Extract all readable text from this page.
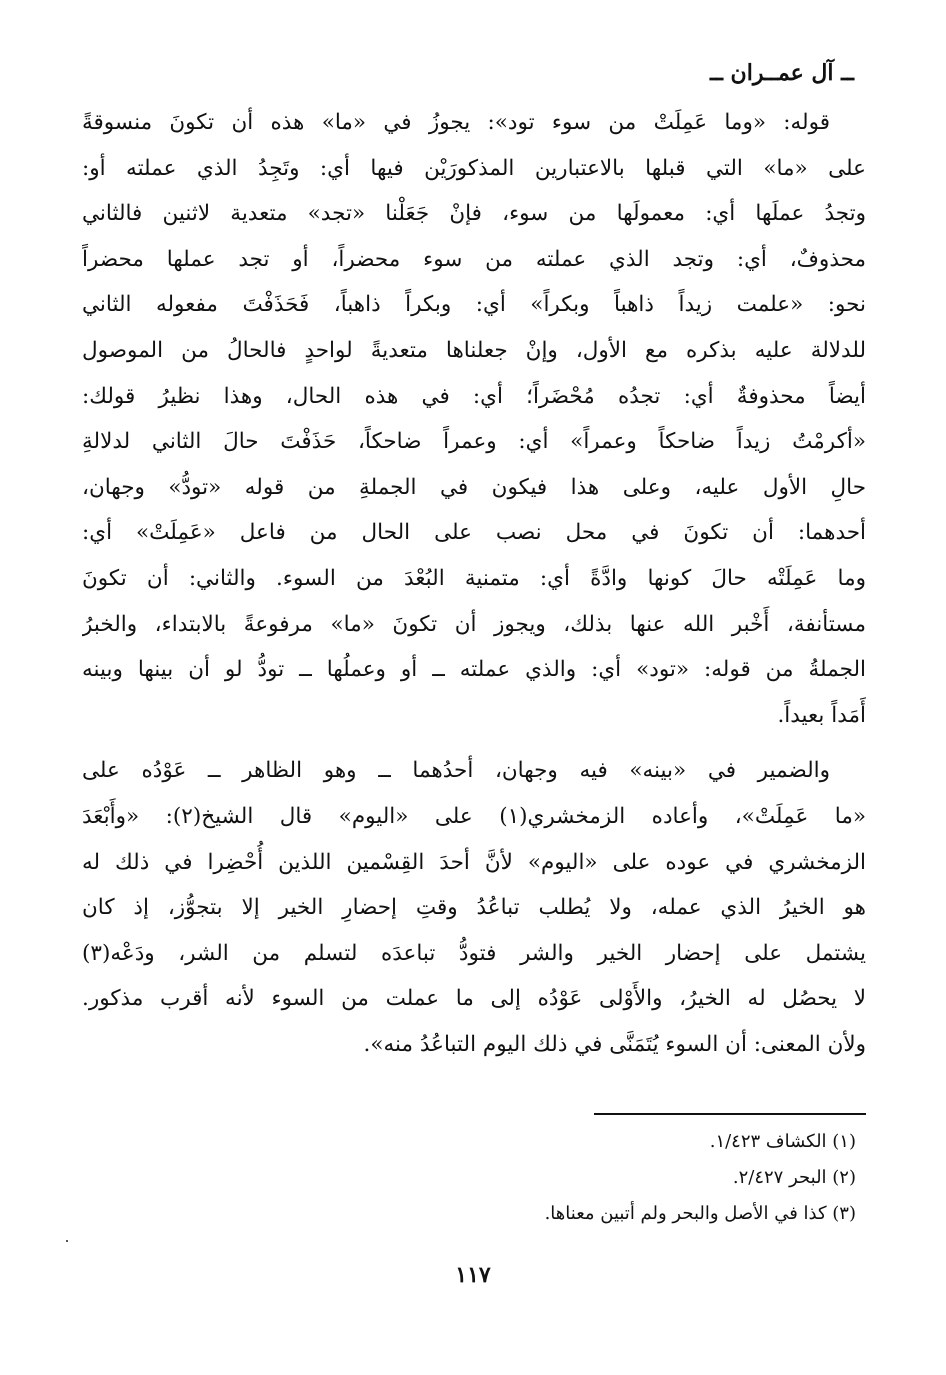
ــ آل عمــران ــ

قوله: «وما عَمِلَتْ من سوء تود»: يجوزُ في «ما» هذه أن تكونَ منسوقةً
على «ما» التي قبلها بالاعتبارين المذكورَيْن فيها أي: وتَجِدُ الذي عملته أو:
وتجدُ عملَها أي: معمولَها من سوء، فإنْ جَعَلْنا «تجد» متعدية لاثنين فالثاني
محذوفٌ، أي: وتجد الذي عملته من سوء محضراً، أو تجد عملها محضراً
نحو: «علمت زيداً ذاهباً وبكراً» أي: وبكراً ذاهباً، فَحَذَفْتَ مفعوله الثاني
للدلالة عليه بذكره مع الأول، وإنْ جعلناها متعديةً لواحدٍ فالحالُ من الموصول
أيضاً محذوفةٌ أي: تجدُه مُحْضَراً؛ أي: في هذه الحال، وهذا نظيرُ قولك:
«أكرمْتُ زيداً ضاحكاً وعمراً» أي: وعمراً ضاحكاً، حَذَفْتَ حالَ الثاني لدلالةِ
حالِ الأول عليه، وعلى هذا فيكون في الجملةِ من قوله «تودُّ» وجهان،
أحدهما: أن تكونَ في محل نصب على الحال من فاعل «عَمِلَتْ» أي:
وما عَمِلَتْه حالَ كونها وادَّةً أي: متمنية البُعْدَ من السوء. والثاني: أن تكونَ
مستأنفة، أَخْبر الله عنها بذلك، ويجوز أن تكونَ «ما» مرفوعةً بالابتداء، والخبرُ
الجملةُ من قوله: «تود» أي: والذي عملته ــ أو وعملُها ــ تودُّ لو أن بينها وبينه
أَمَداً بعيداً.

والضمير في «بينه» فيه وجهان، أحدُهما ــ وهو الظاهر ــ عَوْدُه على
«ما عَمِلَتْ»، وأعاده الزمخشري(١) على «اليوم» قال الشيخ(٢): «وأَبْعَدَ
الزمخشري في عوده على «اليوم» لأنَّ أحدَ القِسْمين اللذين أُحْضِرا في ذلك له
هو الخيرُ الذي عمله، ولا يُطلب تباعُدُ وقتِ إحضارِ الخير إلا بتجوُّز، إذ كان
يشتمل على إحضار الخير والشر فتودُّ تباعدَه لتسلم من الشر، ودَعْه(٣)
لا يحصُل له الخيرُ، والأَوْلى عَوْدُه إلى ما عملت من السوء لأنه أقرب مذكور.
ولأن المعنى: أن السوء يُتَمَنَّى في ذلك اليوم التباعُدُ منه».

(١) الكشاف ١/٤٢٣.
(٢) البحر ٢/٤٢٧.
(٣) كذا في الأصل والبحر ولم أتبين معناها.
١١٧
